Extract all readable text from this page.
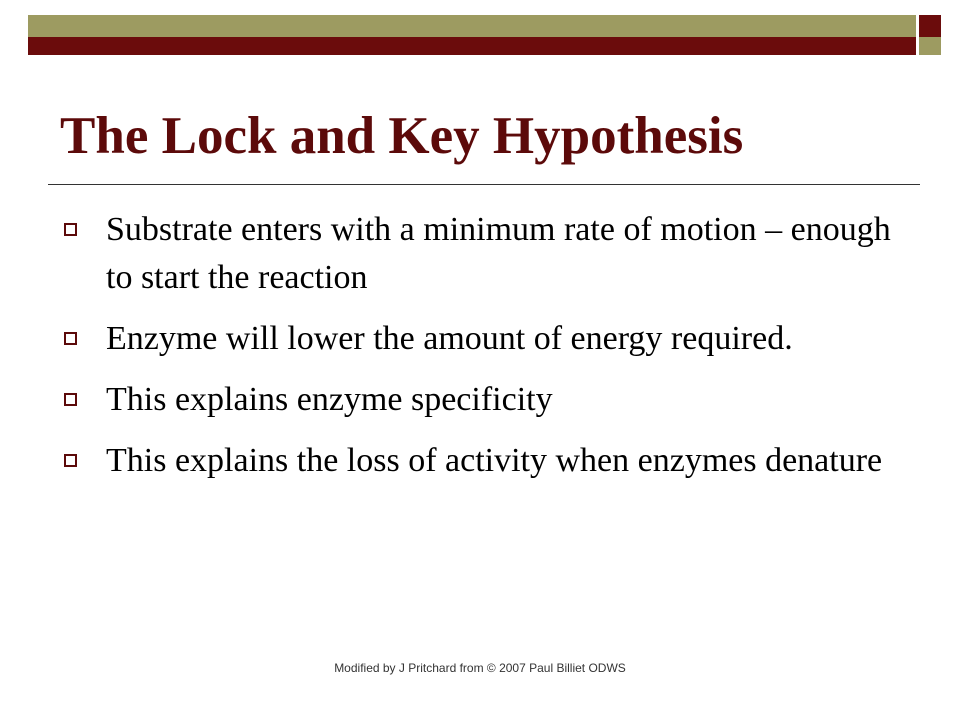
The Lock and Key Hypothesis
Substrate enters with a minimum rate of motion – enough to start the reaction
Enzyme will lower the amount of energy required.
This explains enzyme specificity
This explains the loss of activity when enzymes denature
Modified by J Pritchard from © 2007 Paul Billiet ODWS
